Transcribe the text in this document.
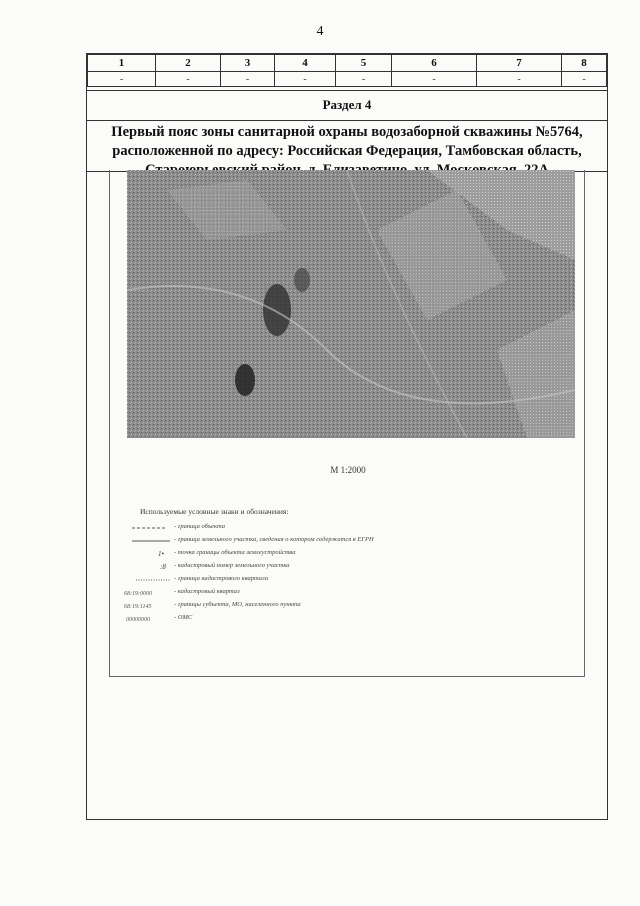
4
1	2	3	4	5	6	7	8
-	-	-	-	-	-	-	-
Раздел 4
Первый пояс зоны санитарной охраны водозаборной скважины №5764, расположенной по адресу: Российская Федерация, Тамбовская область,
М 1:2000
Используемые условные знаки и обозначения:
- граница объекта
- граница земельного участка, сведения о котором содержатся в ЕГРН
1• - точка границы объекта землеустройства
:8 - кадастровый номер земельного участка
- граница кадастрового квартала
68:19:0000	- кадастровый квартал
68:19:1145	- границы субъекта, МО, населенного пункта
00000000	- ОМС
